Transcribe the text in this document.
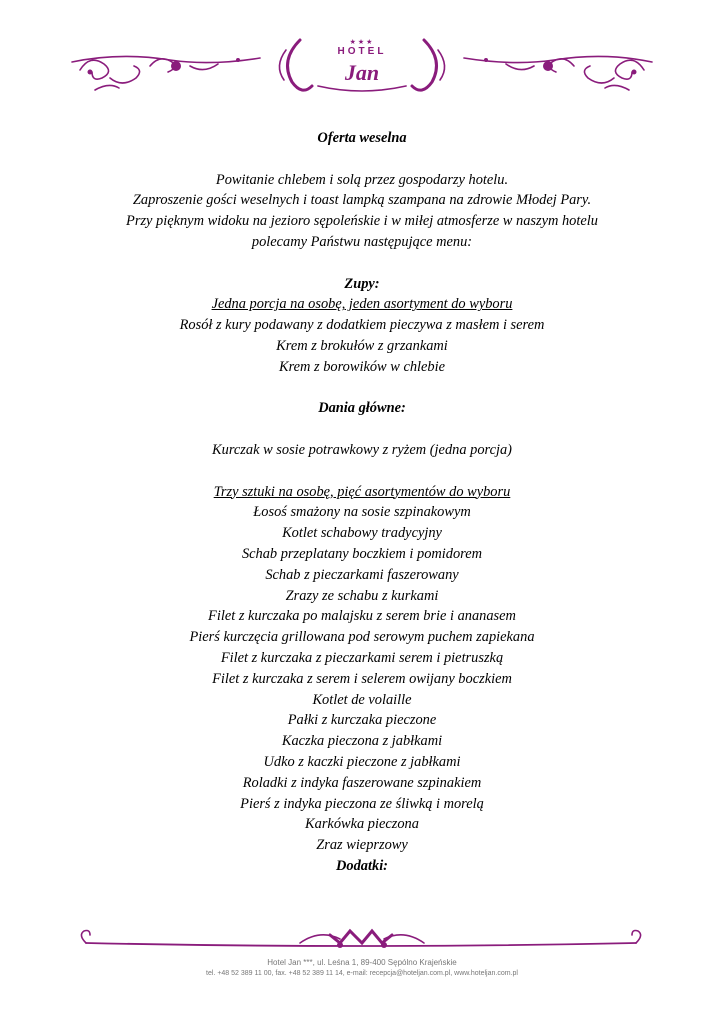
★★★
HOTEL
Jan
Oferta weselna
Powitanie chlebem i solą przez gospodarzy hotelu.
Zaproszenie gości weselnych i toast lampką szampana na zdrowie Młodej Pary.
Przy pięknym widoku na jezioro sępoleńskie i w miłej atmosferze w naszym hotelu
polecamy Państwu następujące menu:
Zupy:
Jedna porcja na osobę, jeden asortyment do wyboru
Rosół z kury podawany z dodatkiem pieczywa z masłem i serem
Krem z brokułów z grzankami
Krem z borowików w chlebie
Dania główne:
Kurczak w sosie potrawkowy z ryżem (jedna porcja)
Trzy sztuki na osobę, pięć asortymentów do wyboru
Łosoś smażony na sosie szpinakowym
Kotlet schabowy tradycyjny
Schab przeplatany boczkiem i pomidorem
Schab z pieczarkami faszerowany
Zrazy ze schabu z kurkami
Filet z kurczaka po malajsku z serem brie i ananasem
Pierś kurczęcia grillowana pod serowym puchem zapiekana
Filet z kurczaka z pieczarkami serem i pietruszką
Filet z kurczaka z serem i selerem owijany boczkiem
Kotlet de volaille
Pałki z kurczaka pieczone
Kaczka pieczona z jabłkami
Udko z kaczki pieczone z jabłkami
Roladki z indyka faszerowane szpinakiem
Pierś z indyka pieczona ze śliwką i morelą
Karkówka pieczona
Zraz wieprzowy
Dodatki:
Hotel Jan ***, ul. Leśna 1, 89-400 Sępólno Krajeńskie
tel. +48 52 389 11 00, fax. +48 52 389 11 14, e-mail: recepcja@hoteljan.com.pl, www.hoteljan.com.pl
